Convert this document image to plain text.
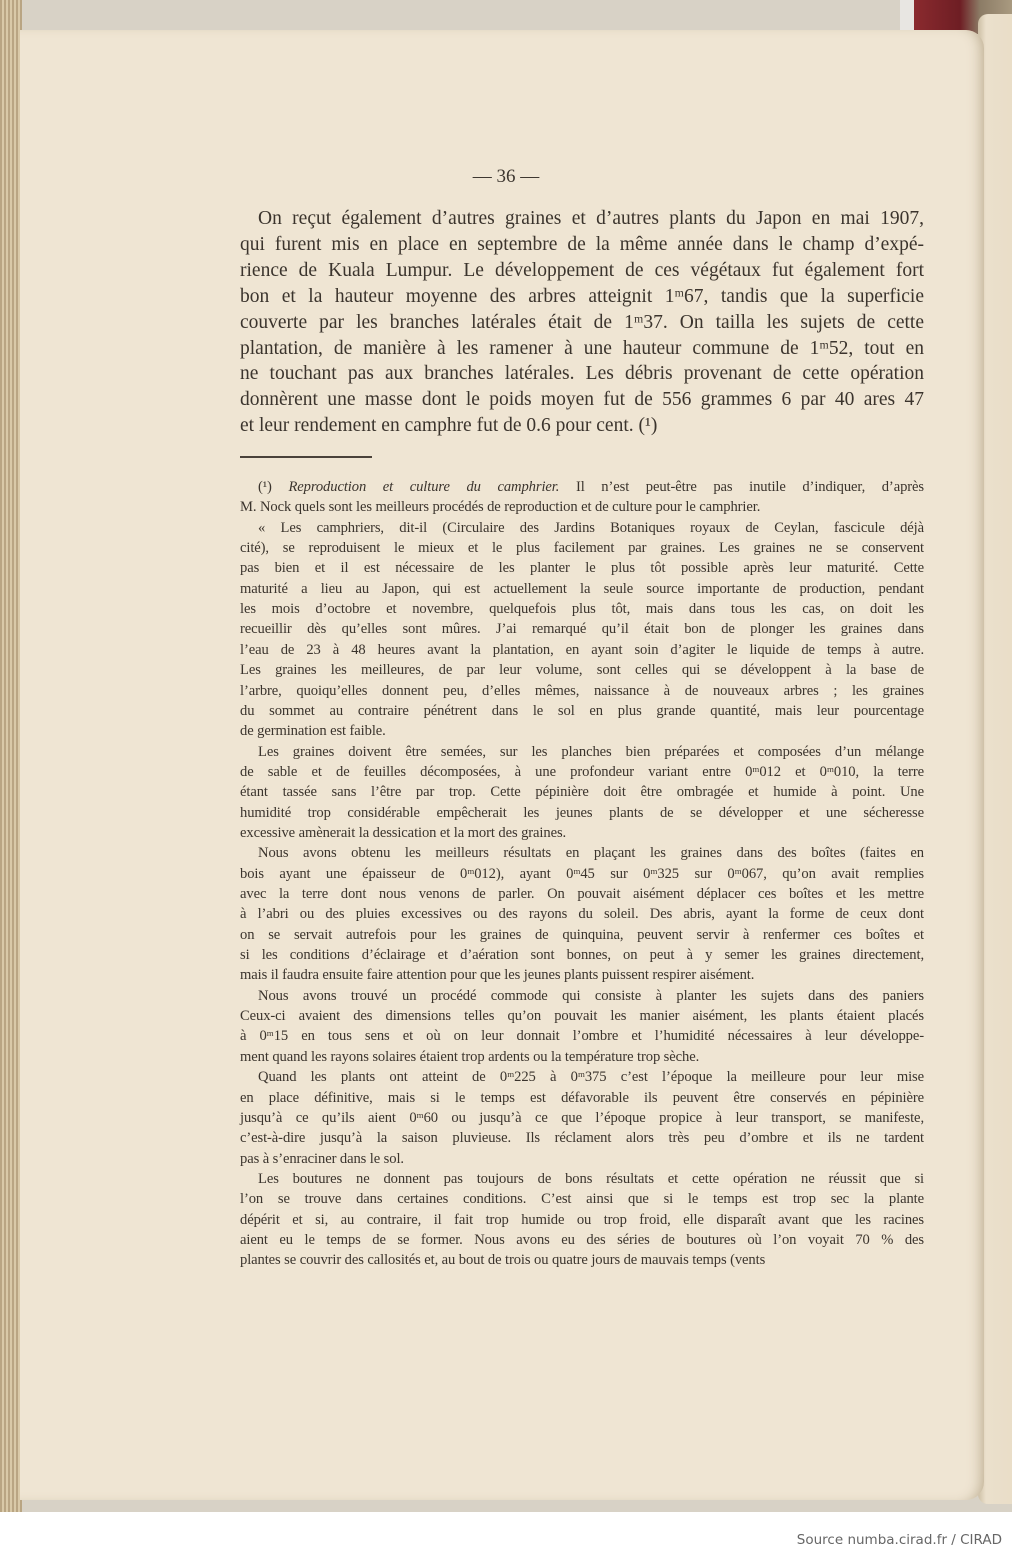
— 36 —
On reçut également d’autres graines et d’autres plants du Japon en mai 1907,
qui furent mis en place en septembre de la même année dans le champ d’expé-
rience de Kuala Lumpur. Le développement de ces végétaux fut également fort
bon et la hauteur moyenne des arbres atteignit 1ᵐ67, tandis que la superficie
couverte par les branches latérales était de 1ᵐ37. On tailla les sujets de cette
plantation, de manière à les ramener à une hauteur commune de 1ᵐ52, tout en
ne touchant pas aux branches latérales. Les débris provenant de cette opération
donnèrent une masse dont le poids moyen fut de 556 grammes 6 par 40 ares 47
et leur rendement en camphre fut de 0.6 pour cent. (¹)
(¹) Reproduction et culture du camphrier. Il n’est peut-être pas inutile d’indiquer, d’après
M. Nock quels sont les meilleurs procédés de reproduction et de culture pour le camphrier.
« Les camphriers, dit-il (Circulaire des Jardins Botaniques royaux de Ceylan, fascicule déjà
cité), se reproduisent le mieux et le plus facilement par graines. Les graines ne se conservent
pas bien et il est nécessaire de les planter le plus tôt possible après leur maturité. Cette
maturité a lieu au Japon, qui est actuellement la seule source importante de production, pendant
les mois d’octobre et novembre, quelquefois plus tôt, mais dans tous les cas, on doit les
recueillir dès qu’elles sont mûres. J’ai remarqué qu’il était bon de plonger les graines dans
l’eau de 23 à 48 heures avant la plantation, en ayant soin d’agiter le liquide de temps à autre.
Les graines les meilleures, de par leur volume, sont celles qui se développent à la base de
l’arbre, quoiqu’elles donnent peu, d’elles mêmes, naissance à de nouveaux arbres ; les graines
du sommet au contraire pénétrent dans le sol en plus grande quantité, mais leur pourcentage
de germination est faible.
Les graines doivent être semées, sur les planches bien préparées et composées d’un mélange
de sable et de feuilles décomposées, à une profondeur variant entre 0ᵐ012 et 0ᵐ010, la terre
étant tassée sans l’être par trop. Cette pépinière doit être ombragée et humide à point. Une
humidité trop considérable empêcherait les jeunes plants de se développer et une sécheresse
excessive amènerait la dessication et la mort des graines.
Nous avons obtenu les meilleurs résultats en plaçant les graines dans des boîtes (faites en
bois ayant une épaisseur de 0ᵐ012), ayant 0ᵐ45 sur 0ᵐ325 sur 0ᵐ067, qu’on avait remplies
avec la terre dont nous venons de parler. On pouvait aisément déplacer ces boîtes et les mettre
à l’abri ou des pluies excessives ou des rayons du soleil. Des abris, ayant la forme de ceux dont
on se servait autrefois pour les graines de quinquina, peuvent servir à renfermer ces boîtes et
si les conditions d’éclairage et d’aération sont bonnes, on peut à y semer les graines directement,
mais il faudra ensuite faire attention pour que les jeunes plants puissent respirer aisément.
Nous avons trouvé un procédé commode qui consiste à planter les sujets dans des paniers
Ceux-ci avaient des dimensions telles qu’on pouvait les manier aisément, les plants étaient placés
à 0ᵐ15 en tous sens et où on leur donnait l’ombre et l’humidité nécessaires à leur développe-
ment quand les rayons solaires étaient trop ardents ou la température trop sèche.
Quand les plants ont atteint de 0ᵐ225 à 0ᵐ375 c’est l’époque la meilleure pour leur mise
en place définitive, mais si le temps est défavorable ils peuvent être conservés en pépinière
jusqu’à ce qu’ils aient 0ᵐ60 ou jusqu’à ce que l’époque propice à leur transport, se manifeste,
c’est-à-dire jusqu’à la saison pluvieuse. Ils réclament alors très peu d’ombre et ils ne tardent
pas à s’enraciner dans le sol.
Les boutures ne donnent pas toujours de bons résultats et cette opération ne réussit que si
l’on se trouve dans certaines conditions. C’est ainsi que si le temps est trop sec la plante
dépérit et si, au contraire, il fait trop humide ou trop froid, elle disparaît avant que les racines
aient eu le temps de se former. Nous avons eu des séries de boutures où l’on voyait 70 % des
plantes se couvrir des callosités et, au bout de trois ou quatre jours de mauvais temps (vents
Source numba.cirad.fr / CIRAD
